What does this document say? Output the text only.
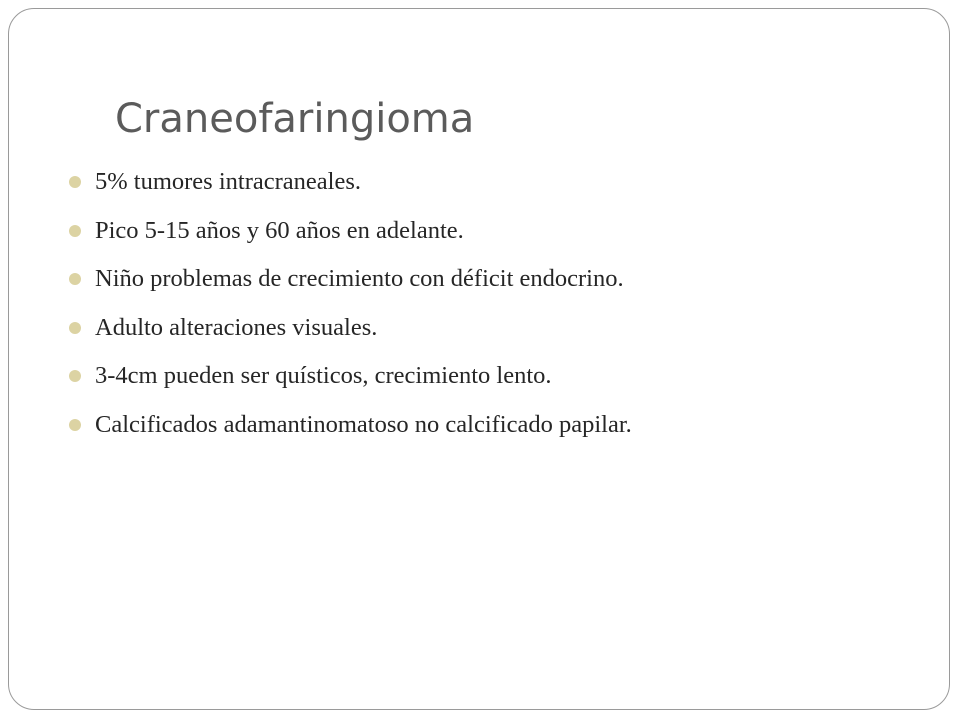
Craneofaringioma
5% tumores intracraneales.
Pico 5-15 años y 60 años en adelante.
Niño problemas de crecimiento con déficit endocrino.
Adulto alteraciones visuales.
3-4cm pueden ser quísticos, crecimiento lento.
Calcificados adamantinomatoso no calcificado papilar.
